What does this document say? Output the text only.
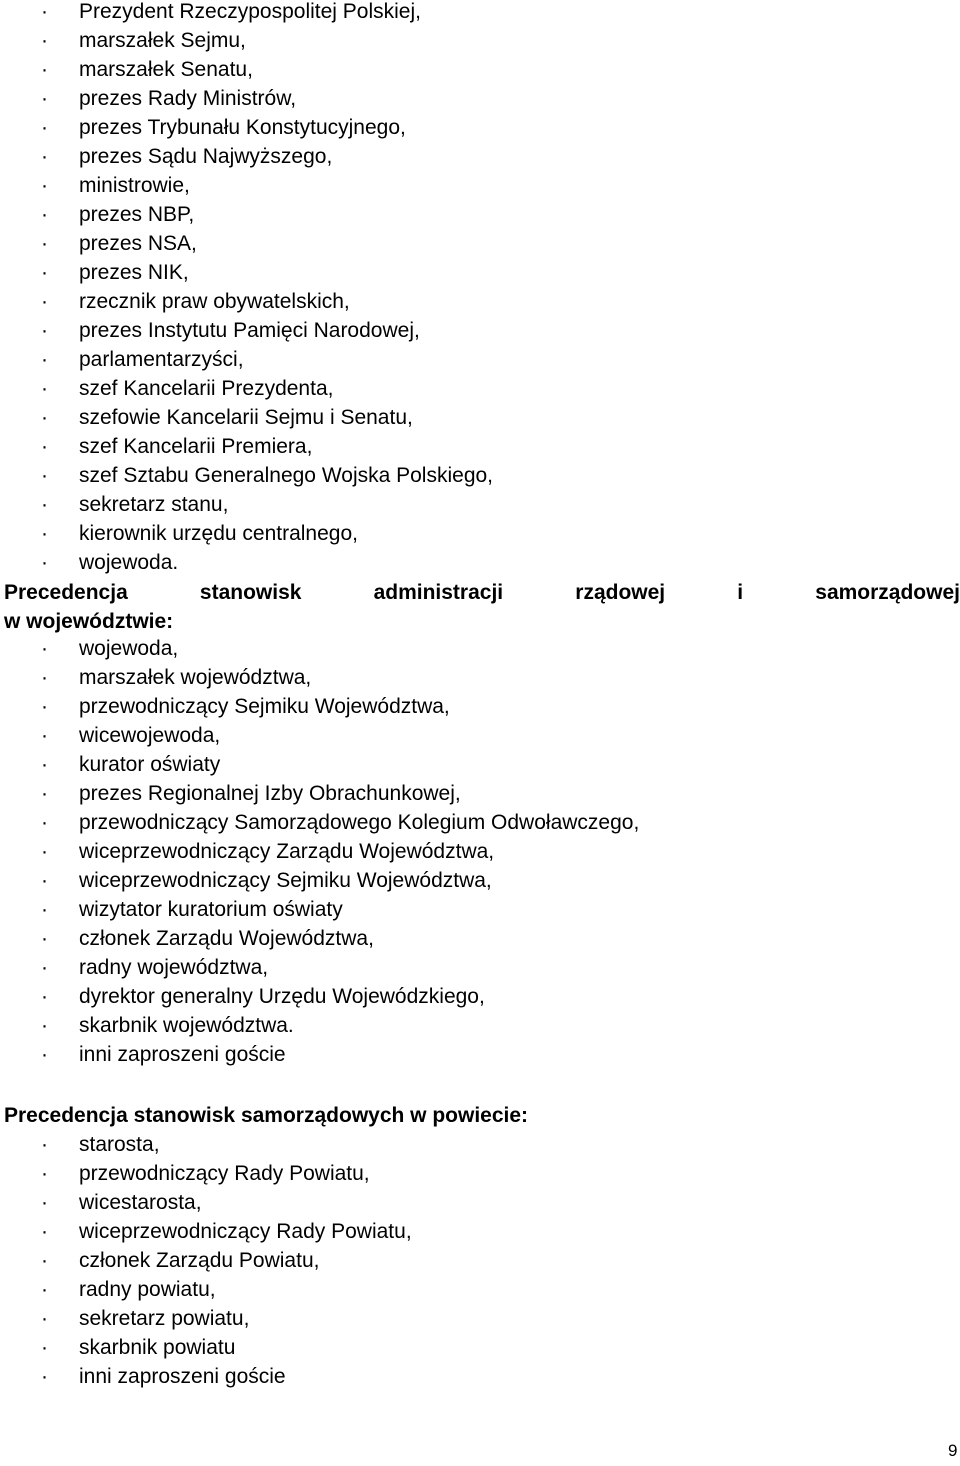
· Prezydent Rzeczypospolitej Polskiej,
· marszałek Sejmu,
· marszałek Senatu,
· prezes Rady Ministrów,
· prezes Trybunału Konstytucyjnego,
· prezes Sądu Najwyższego,
· ministrowie,
· prezes NBP,
· prezes NSA,
· prezes NIK,
· rzecznik praw obywatelskich,
· prezes Instytutu Pamięci Narodowej,
· parlamentarzyści,
· szef Kancelarii Prezydenta,
· szefowie Kancelarii Sejmu i Senatu,
· szef Kancelarii Premiera,
· szef Sztabu Generalnego Wojska Polskiego,
· sekretarz stanu,
· kierownik urzędu centralnego,
· wojewoda.
Precedencja	stanowisk	administracji	rządowej	i	samorządowej
w województwie:
· wojewoda,
· marszałek województwa,
· przewodniczący Sejmiku Województwa,
· wicewojewoda,
· kurator oświaty
· prezes Regionalnej Izby Obrachunkowej,
· przewodniczący Samorządowego Kolegium Odwoławczego,
· wiceprzewodniczący Zarządu Województwa,
· wiceprzewodniczący Sejmiku Województwa,
· wizytator kuratorium oświaty
· członek Zarządu Województwa,
· radny województwa,
· dyrektor generalny Urzędu Wojewódzkiego,
· skarbnik województwa.
· inni zaproszeni goście
Precedencja stanowisk samorządowych w powiecie:
· starosta,
· przewodniczący Rady Powiatu,
· wicestarosta,
· wiceprzewodniczący Rady Powiatu,
· członek Zarządu Powiatu,
· radny powiatu,
· sekretarz powiatu,
· skarbnik powiatu
· inni zaproszeni goście
9
